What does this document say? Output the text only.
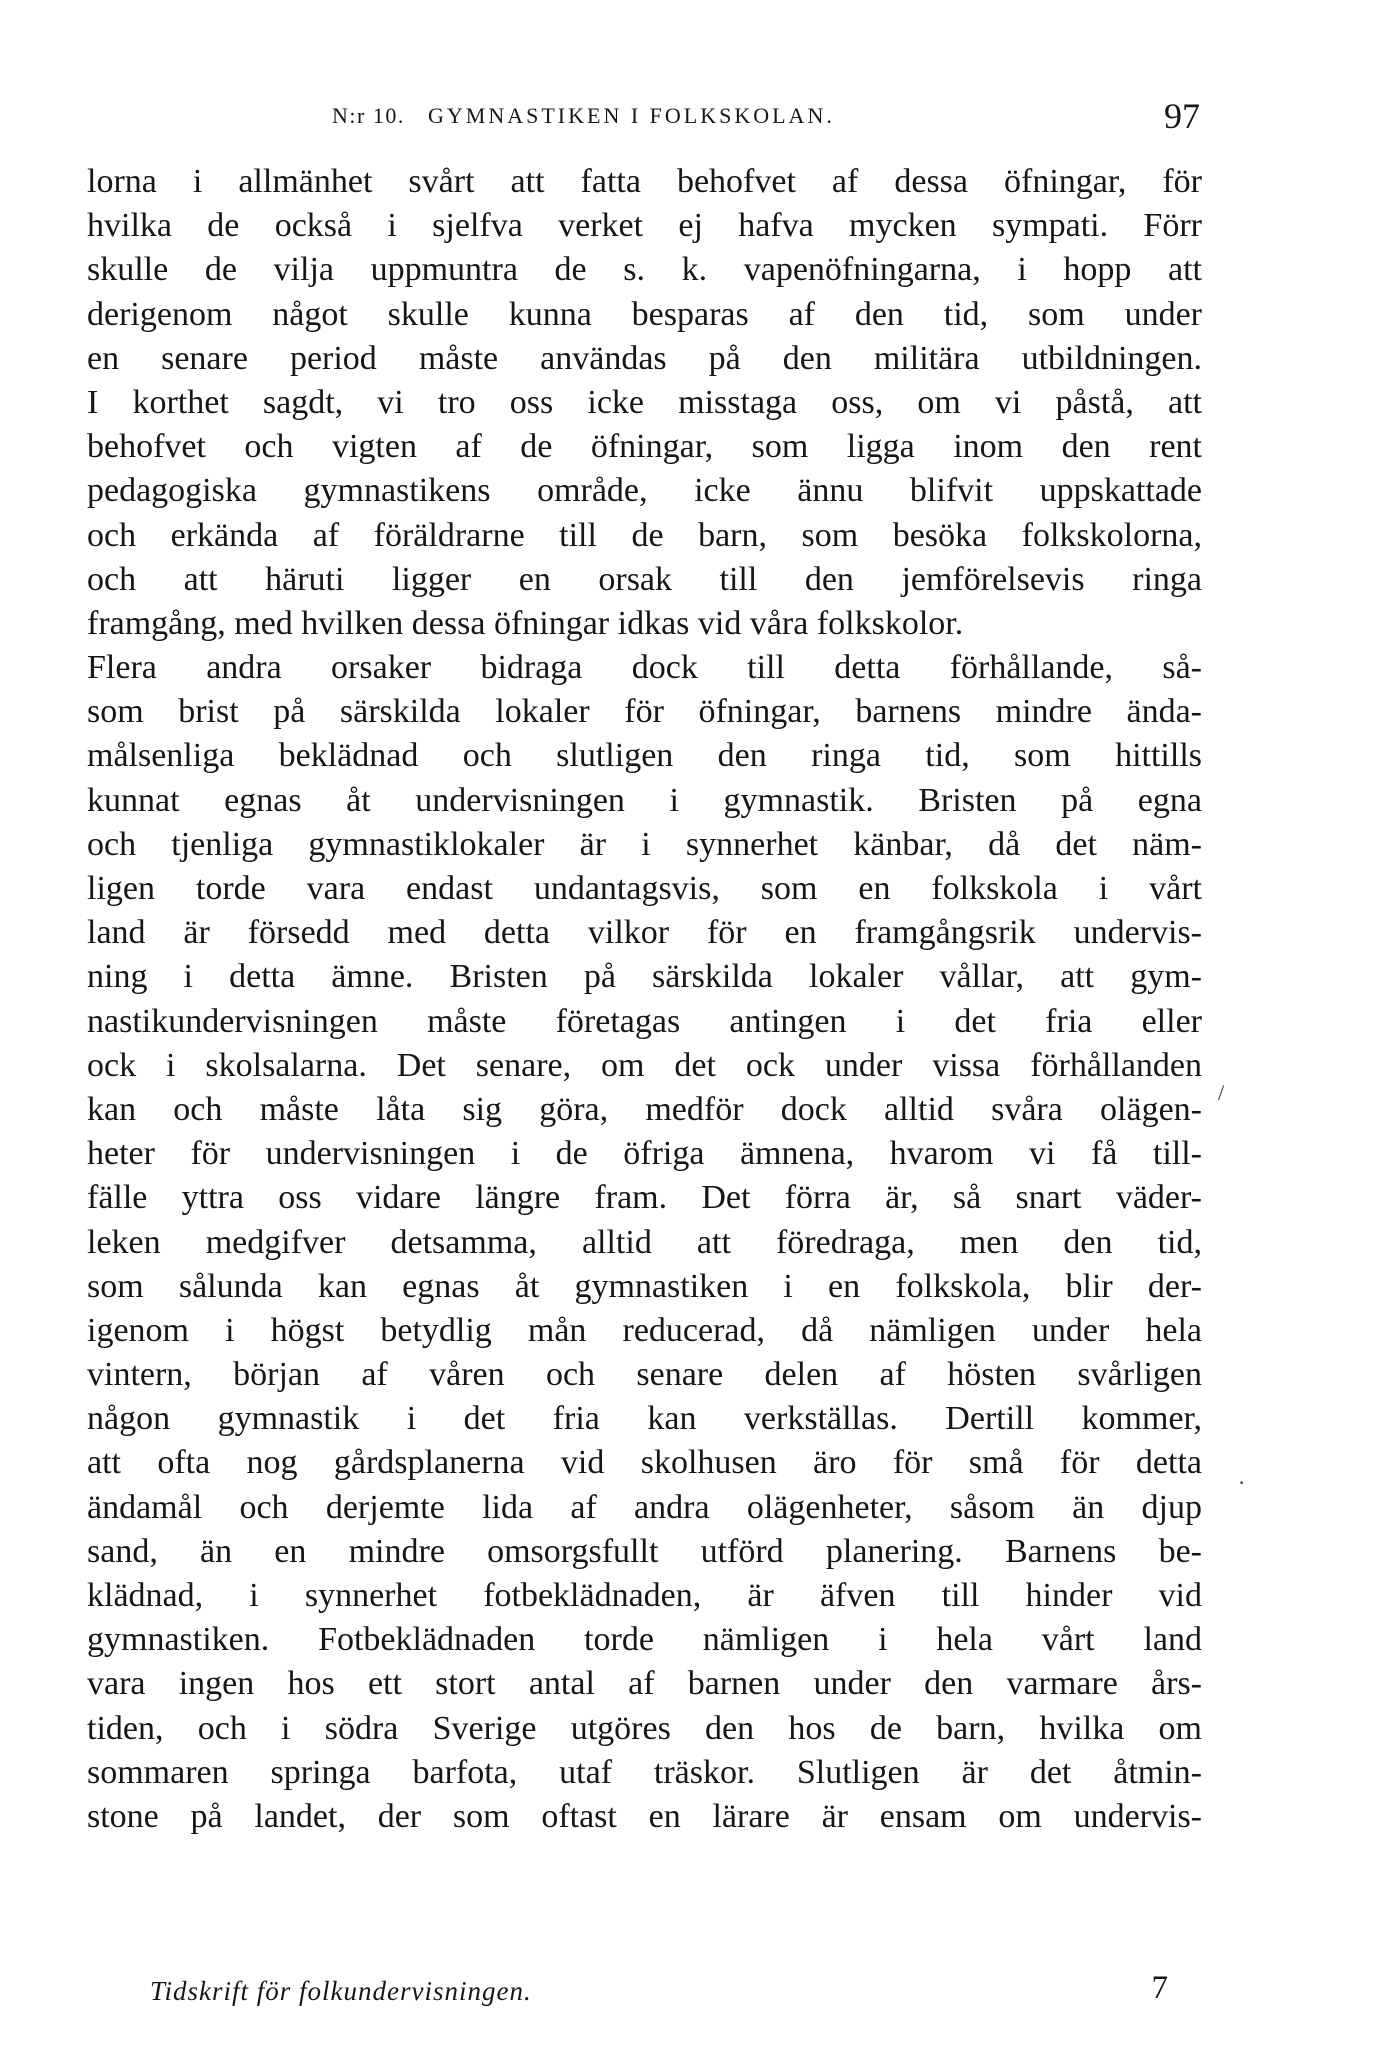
N:r 10. GYMNASTIKEN I FOLKSKOLAN.	97
lorna i allmänhet svårt att fatta behofvet af dessa öfningar, för
hvilka de också i sjelfva verket ej hafva mycken sympati. Förr
skulle de vilja uppmuntra de s. k. vapenöfningarna, i hopp att
derigenom något skulle kunna besparas af den tid, som under
en senare period måste användas på den militära utbildningen.
I korthet sagdt, vi tro oss icke misstaga oss, om vi påstå, att
behofvet och vigten af de öfningar, som ligga inom den rent
pedagogiska gymnastikens område, icke ännu blifvit uppskattade
och erkända af föräldrarne till de barn, som besöka folkskolorna,
och att häruti ligger en orsak till den jemförelsevis ringa
framgång, med hvilken dessa öfningar idkas vid våra folkskolor.
Flera andra orsaker bidraga dock till detta förhållande, så-
som brist på särskilda lokaler för öfningar, barnens mindre ända-
målsenliga beklädnad och slutligen den ringa tid, som hittills
kunnat egnas åt undervisningen i gymnastik. Bristen på egna
och tjenliga gymnastiklokaler är i synnerhet känbar, då det näm-
ligen torde vara endast undantagsvis, som en folkskola i vårt
land är försedd med detta vilkor för en framgångsrik undervis-
ning i detta ämne. Bristen på särskilda lokaler vållar, att gym-
nastikundervisningen måste företagas antingen i det fria eller
ock i skolsalarna. Det senare, om det ock under vissa förhållanden
kan och måste låta sig göra, medför dock alltid svåra olägen-
heter för undervisningen i de öfriga ämnena, hvarom vi få till-
fälle yttra oss vidare längre fram. Det förra är, så snart väder-
leken medgifver detsamma, alltid att föredraga, men den tid,
som sålunda kan egnas åt gymnastiken i en folkskola, blir der-
igenom i högst betydlig mån reducerad, då nämligen under hela
vintern, början af våren och senare delen af hösten svårligen
någon gymnastik i det fria kan verkställas. Dertill kommer,
att ofta nog gårdsplanerna vid skolhusen äro för små för detta
ändamål och derjemte lida af andra olägenheter, såsom än djup
sand, än en mindre omsorgsfullt utförd planering. Barnens be-
klädnad, i synnerhet fotbeklädnaden, är äfven till hinder vid
gymnastiken. Fotbeklädnaden torde nämligen i hela vårt land
vara ingen hos ett stort antal af barnen under den varmare års-
tiden, och i södra Sverige utgöres den hos de barn, hvilka om
sommaren springa barfota, utaf träskor. Slutligen är det åtmin-
stone på landet, der som oftast en lärare är ensam om undervis-
/
·
Tidskrift för folkundervisningen.	7
